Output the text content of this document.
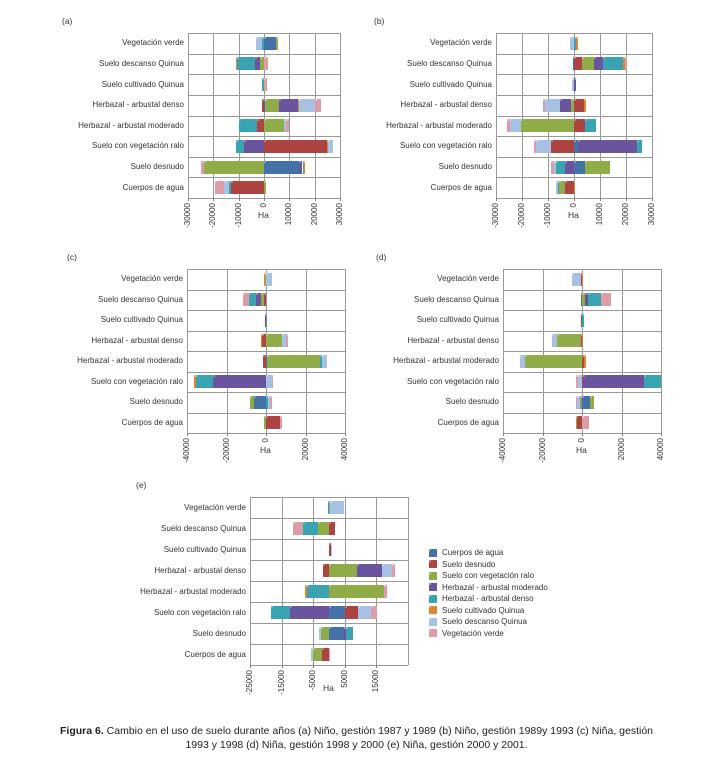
(a)
-30000 -20000 -10000 0 10000 20000 30000
Ha
Vegetación verde
Suelo descanso Quinua
Suelo cultivado Quinua
Herbazal - arbustal denso
Herbazal - arbustal moderado
Suelo con vegetación ralo
Suelo desnudo
Cuerpos de agua
(b)
-30000 -20000 -10000 0 10000 20000 30000
Ha
Vegetación verde
Suelo descanso Quinua
Suelo cultivado Quinua
Herbazal - arbustal denso
Herbazal - arbustal moderado
Suelo con vegetación ralo
Suelo desnudo
Cuerpos de agua
(c)
-40000	-20000	0	20000	40000
Ha
Vegetación verde
Suelo descanso Quinua
Suelo cultivado Quinua
Herbazal - arbustal denso
Herbazal - arbustal moderado
Suelo con vegetación ralo
Suelo desnudo
Cuerpos de agua
(d)
-40000	-20000	0	20000	40000
Ha
Vegetación verde
Suelo descanso Quinua
Suelo cultivado Quinua
Herbazal - arbustal denso
Herbazal - arbustal moderado
Suelo con vegetación ralo
Suelo desnudo
Cuerpos de agua
(e)
-25000	-15000	-5000	5000	15000
Ha
Vegetación verde
Suelo descanso Quinua
Suelo cultivado Quinua
Herbazal - arbustal denso
Herbazal - arbustal moderado
Suelo con vegetación ralo
Suelo desnudo
Cuerpos de agua
Cuerpos de agua
Suelo desnudo
Suelo con vegetación ralo
Herbazal - arbustal moderado
Herbazal - arbustal denso
Suelo cultivado Quinua
Suelo descanso Quinua
Vegetación verde
Figura 6. Cambio en el uso de suelo durante años (a) Niño, gestión 1987 y 1989 (b) Niño, gestión 1989y 1993 (c) Niña, gestión
1993 y 1998 (d) Niña, gestión 1998 y 2000 (e) Niña, gestión 2000 y 2001.
